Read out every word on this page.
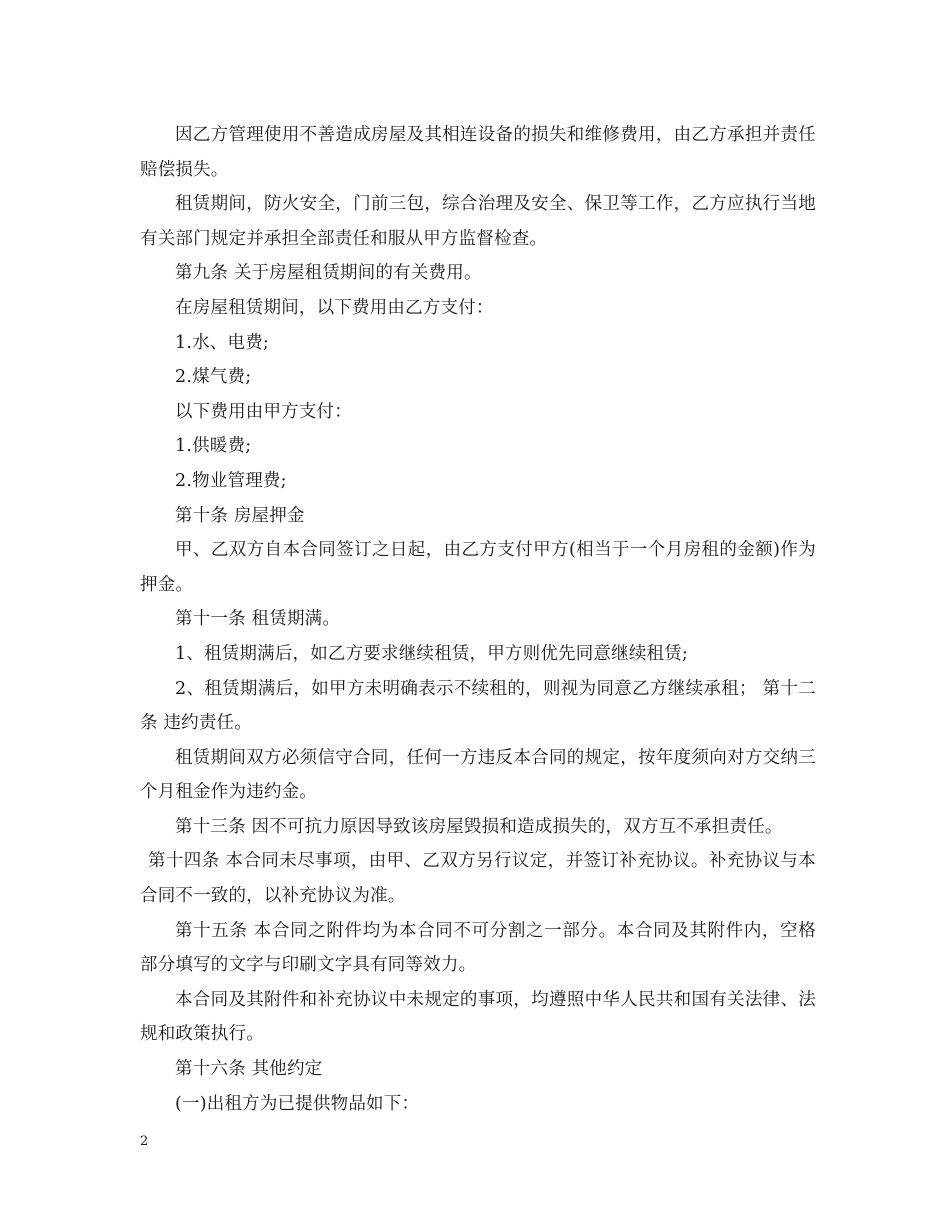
因乙方管理使用不善造成房屋及其相连设备的损失和维修费用，由乙方承担并责任赔偿损失。

租赁期间，防火安全，门前三包，综合治理及安全、保卫等工作，乙方应执行当地有关部门规定并承担全部责任和服从甲方监督检查。

第九条 关于房屋租赁期间的有关费用。

在房屋租赁期间，以下费用由乙方支付：

1.水、电费;

2.煤气费;

以下费用由甲方支付：

1.供暖费;

2.物业管理费;

第十条 房屋押金

甲、乙双方自本合同签订之日起，由乙方支付甲方(相当于一个月房租的金额)作为押金。

第十一条 租赁期满。

1、租赁期满后，如乙方要求继续租赁，甲方则优先同意继续租赁;

2、租赁期满后，如甲方未明确表示不续租的，则视为同意乙方继续承租； 第十二条 违约责任。

租赁期间双方必须信守合同，任何一方违反本合同的规定，按年度须向对方交纳三个月租金作为违约金。

第十三条 因不可抗力原因导致该房屋毁损和造成损失的，双方互不承担责任。

第十四条 本合同未尽事项，由甲、乙双方另行议定，并签订补充协议。补充协议与本合同不一致的，以补充协议为准。

第十五条 本合同之附件均为本合同不可分割之一部分。本合同及其附件内，空格部分填写的文字与印刷文字具有同等效力。

本合同及其附件和补充协议中未规定的事项，均遵照中华人民共和国有关法律、法规和政策执行。

第十六条 其他约定

(一)出租方为已提供物品如下：

2
